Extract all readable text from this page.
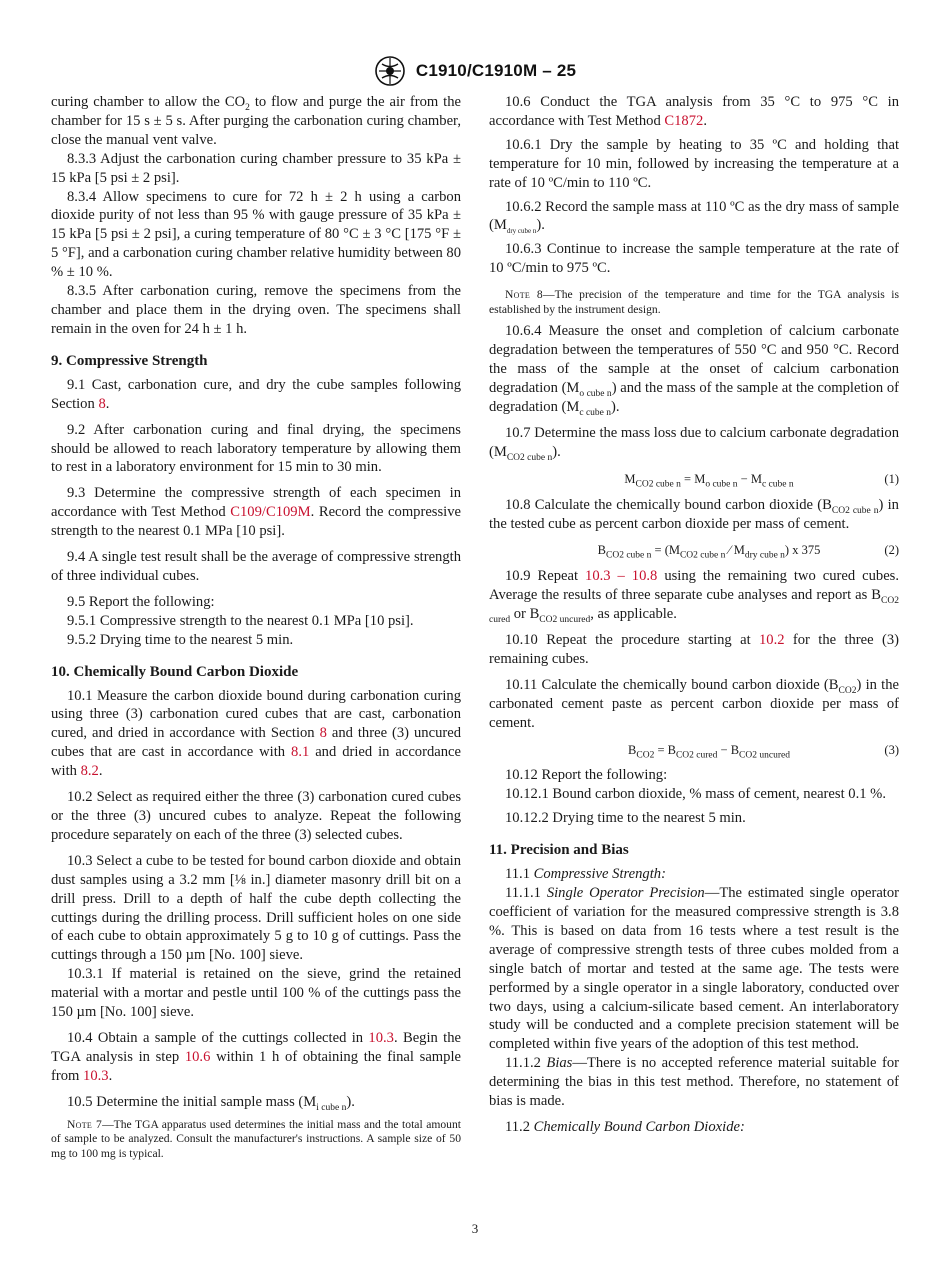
C1910/C1910M – 25

curing chamber to allow the $CO_2$ to flow and purge the air from the chamber for 15 s ± 5 s. After purging the carbonation curing chamber, close the manual vent valve.

8.3.3 Adjust the carbonation curing chamber pressure to 35 kPa ± 15 kPa [5 psi ± 2 psi].

8.3.4 Allow specimens to cure for 72 h ± 2 h using a carbon dioxide purity of not less than 95 % with gauge pressure of 35 kPa ± 15 kPa [5 psi ± 2 psi], a curing temperature of 80 °C ± 3 °C [175 °F ± 5 °F], and a carbonation curing chamber relative humidity between 80 % ± 10 %.

8.3.5 After carbonation curing, remove the specimens from the chamber and place them in the drying oven. The specimens shall remain in the oven for 24 h ± 1 h.

9. Compressive Strength

9.1 Cast, carbonation cure, and dry the cube samples following Section 8.

9.2 After carbonation curing and final drying, the specimens should be allowed to reach laboratory temperature by allowing them to rest in a laboratory environment for 15 min to 30 min.

9.3 Determine the compressive strength of each specimen in accordance with Test Method C109/C109M. Record the compressive strength to the nearest 0.1 MPa [10 psi].

9.4 A single test result shall be the average of compressive strength of three individual cubes.

9.5 Report the following:

9.5.1 Compressive strength to the nearest 0.1 MPa [10 psi].

9.5.2 Drying time to the nearest 5 min.

10. Chemically Bound Carbon Dioxide

10.1 Measure the carbon dioxide bound during carbonation curing using three (3) carbonation cured cubes that are cast, carbonation cured, and dried in accordance with Section 8 and three (3) uncured cubes that are cast in accordance with 8.1 and dried in accordance with 8.2.

10.2 Select as required either the three (3) carbonation cured cubes or the three (3) uncured cubes to analyze. Repeat the following procedure separately on each of the three (3) selected cubes.

10.3 Select a cube to be tested for bound carbon dioxide and obtain dust samples using a 3.2 mm [⅛ in.] diameter masonry drill bit on a drill press. Drill to a depth of half the cube depth collecting the cuttings during the drilling process. Drill sufficient holes on one side of each cube to obtain approximately 5 g to 10 g of cuttings. Pass the cuttings through a 150 µm [No. 100] sieve.

10.3.1 If material is retained on the sieve, grind the retained material with a mortar and pestle until 100 % of the cuttings pass the 150 µm [No. 100] sieve.

10.4 Obtain a sample of the cuttings collected in 10.3. Begin the TGA analysis in step 10.6 within 1 h of obtaining the final sample from 10.3.

10.5 Determine the initial sample mass $(M_{i cube n})$.

Note 7—The TGA apparatus used determines the initial mass and the total amount of sample to be analyzed. Consult the manufacturer's instructions. A sample size of 50 mg to 100 mg is typical.

10.6 Conduct the TGA analysis from 35 °C to 975 °C in accordance with Test Method C1872.

10.6.1 Dry the sample by heating to 35 ºC and holding that temperature for 10 min, followed by increasing the temperature at a rate of 10 ºC/min to 110 ºC.

10.6.2 Record the sample mass at 110 ºC as the dry mass of sample $(M_{dry cube n})$.

10.6.3 Continue to increase the sample temperature at the rate of 10 ºC/min to 975 ºC.

Note 8—The precision of the temperature and time for the TGA analysis is established by the instrument design.

10.6.4 Measure the onset and completion of calcium carbonate degradation between the temperatures of 550 °C and 950 °C. Record the mass of the sample at the onset of calcium carbonation degradation $(M_{o cube n})$ and the mass of the sample at the completion of degradation $(M_{c cube n})$.

10.7 Determine the mass loss due to calcium carbonate degradation $(M_{CO2 cube n})$.

$M_{CO2 cube n} = M_{o cube n} - M_{c cube n}$	(1)

10.8 Calculate the chemically bound carbon dioxide $(B_{CO2 cube n})$ in the tested cube as percent carbon dioxide per mass of cement.

$B_{CO2 cube n} = (M_{CO2 cube n}$ ⁄ $M_{dry cube n}$) x 375	(2)

10.9 Repeat 10.3 – 10.8 using the remaining two cured cubes. Average the results of three separate cube analyses and report as $B_{CO2 cured}$ or $B_{CO2 uncured}$, as applicable.

10.10 Repeat the procedure starting at 10.2 for the three (3) remaining cubes.

10.11 Calculate the chemically bound carbon dioxide $(B_{CO2})$ in the carbonated cement paste as percent carbon dioxide per mass of cement.

$B_{CO2} = B_{CO2 cured} - B_{CO2 uncured}$	(3)

10.12 Report the following:

10.12.1 Bound carbon dioxide, % mass of cement, nearest 0.1 %.

10.12.2 Drying time to the nearest 5 min.

11. Precision and Bias

11.1 Compressive Strength:

11.1.1 Single Operator Precision—The estimated single operator coefficient of variation for the measured compressive strength is 3.8 %. This is based on data from 16 tests where a test result is the average of compressive strength tests of three cubes molded from a single batch of mortar and tested at the same age. The tests were performed by a single operator in a single laboratory, conducted over two days, using a calcium-silicate based cement. An interlaboratory study will be conducted and a complete precision statement will be completed within five years of the adoption of this test method.

11.1.2 Bias—There is no accepted reference material suitable for determining the bias in this test method. Therefore, no statement of bias is made.

11.2 Chemically Bound Carbon Dioxide:

3
